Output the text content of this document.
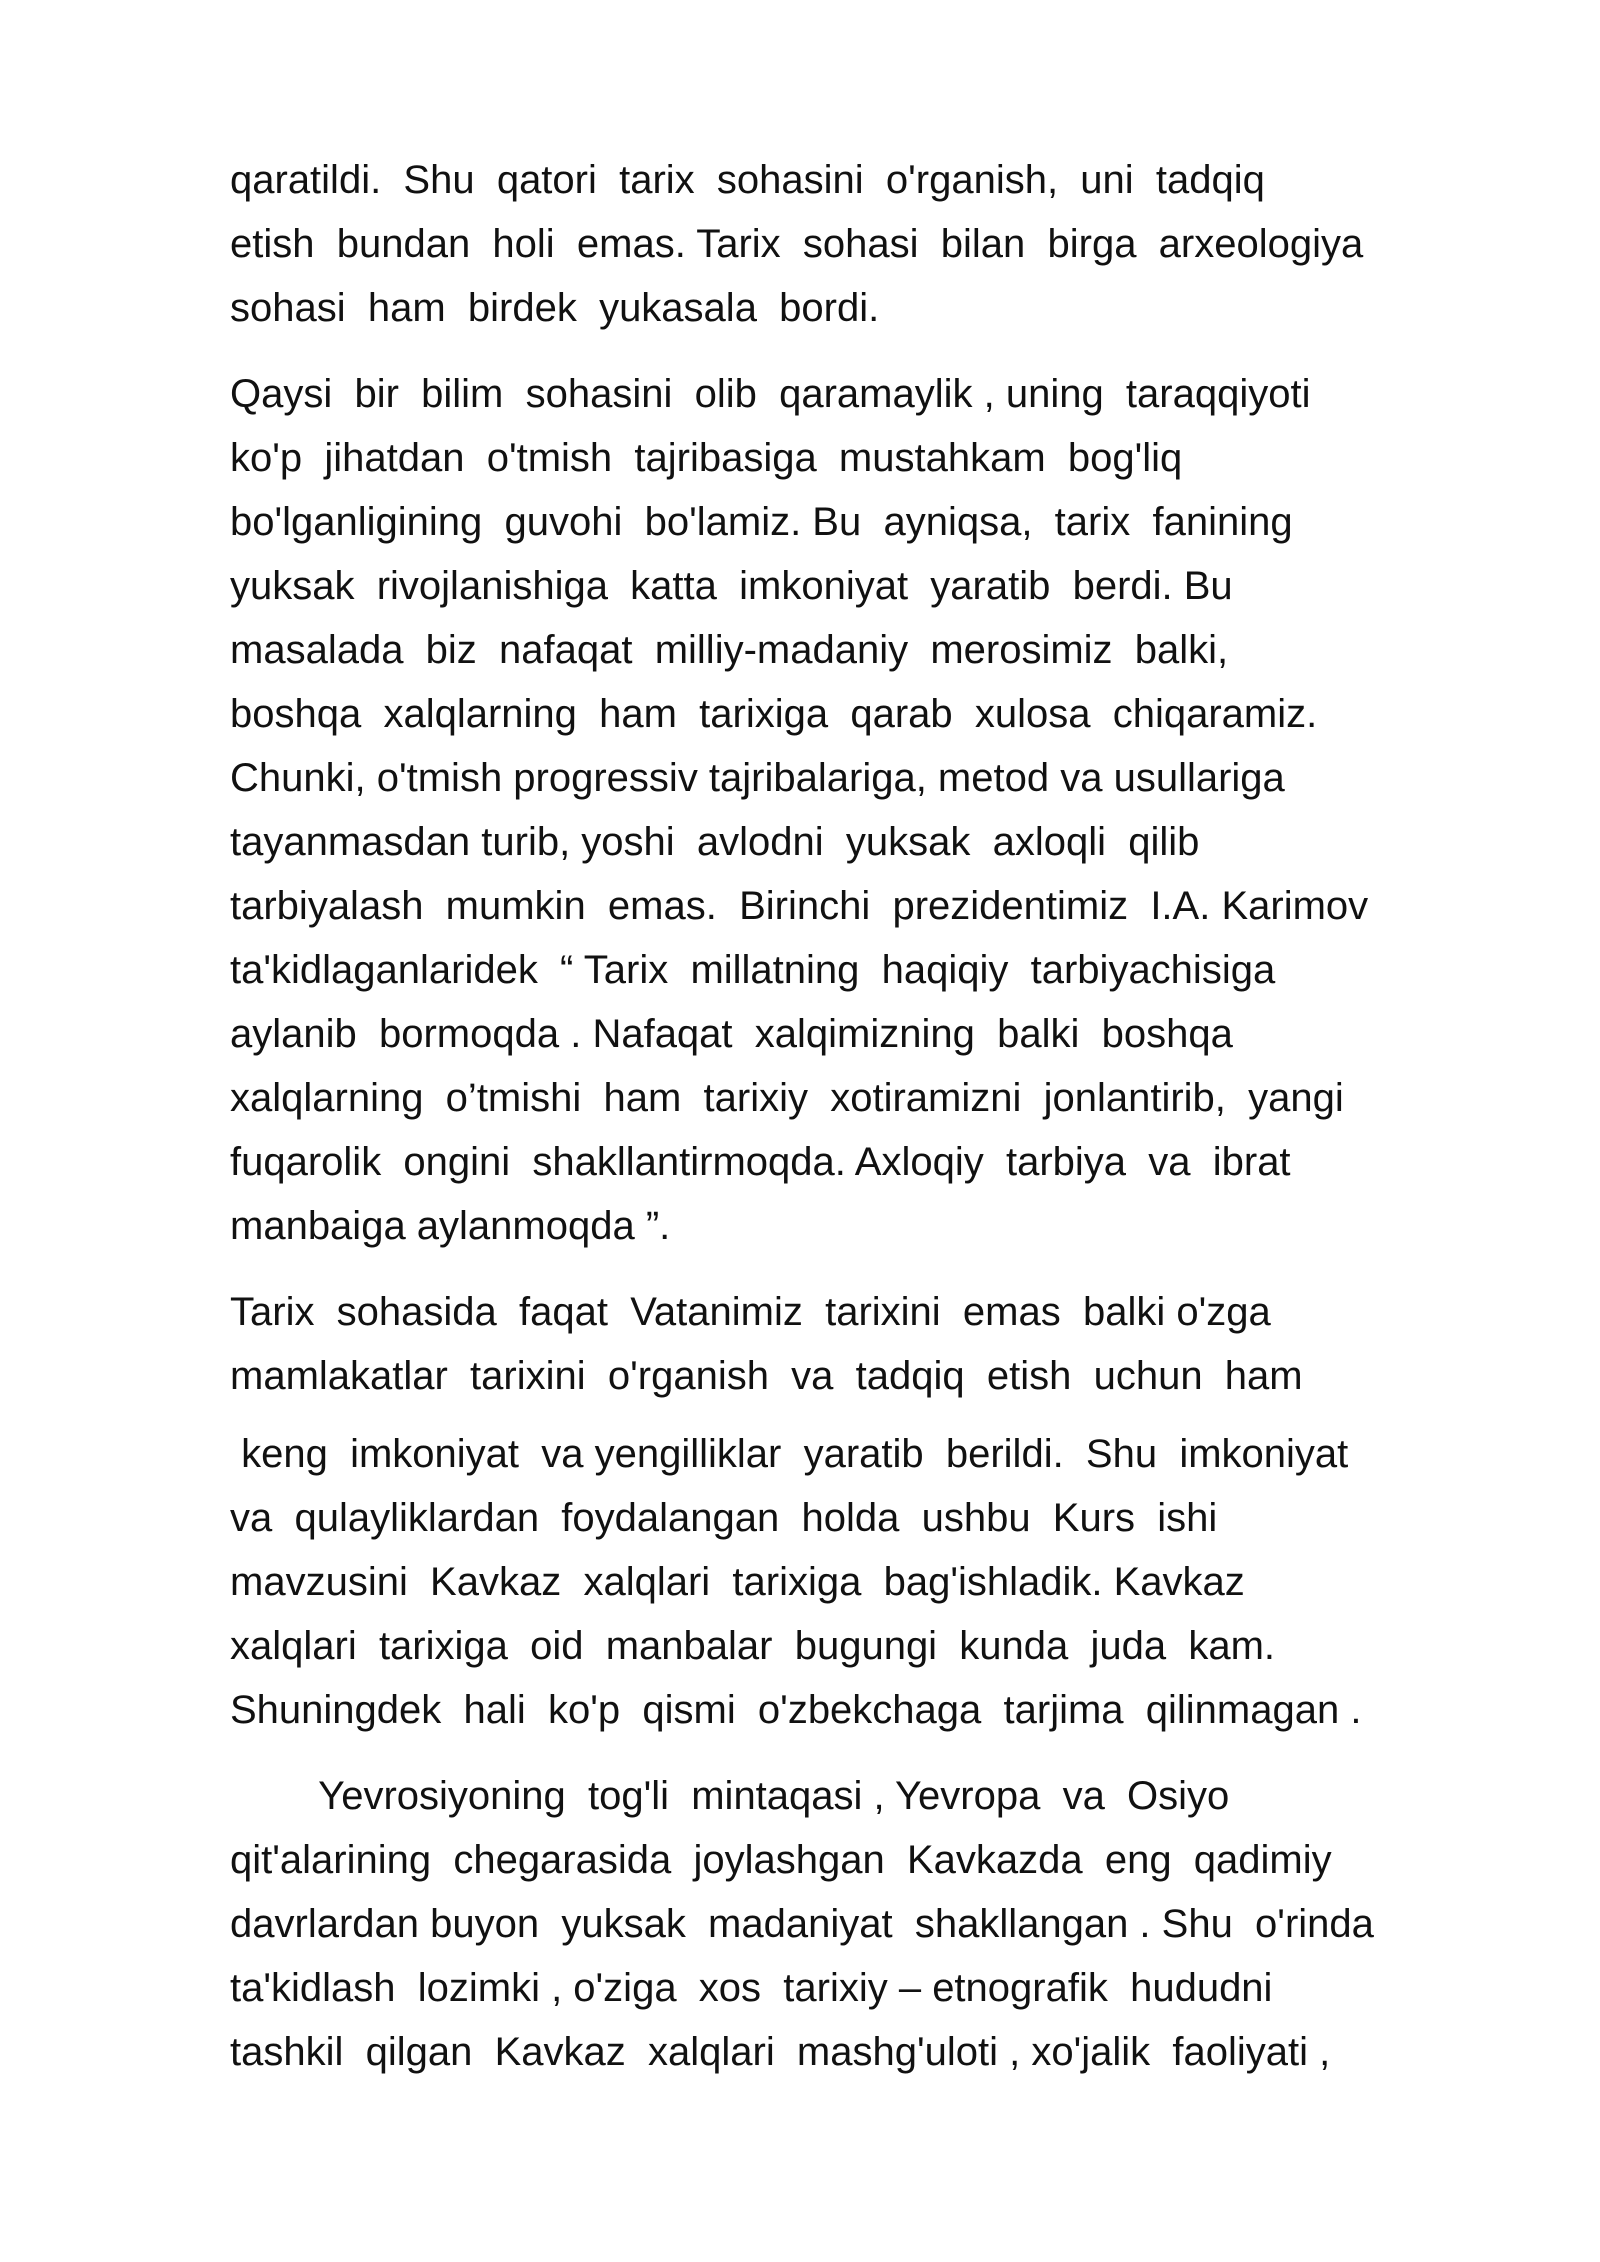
qaratildi.  Shu  qatori  tarix  sohasini  o'rganish,  uni  tadqiq
etish  bundan  holi  emas. Tarix  sohasi  bilan  birga  arxeologiya
sohasi  ham  birdek  yukasala  bordi.

Qaysi  bir  bilim  sohasini  olib  qaramaylik , uning  taraqqiyoti
ko'p  jihatdan  o'tmish  tajribasiga  mustahkam  bog'liq
bo'lganligining  guvohi  bo'lamiz. Bu  ayniqsa,  tarix  fanining
yuksak  rivojlanishiga  katta  imkoniyat  yaratib  berdi. Bu
masalada  biz  nafaqat  milliy-madaniy  merosimiz  balki,
boshqa  xalqlarning  ham  tarixiga  qarab  xulosa  chiqaramiz.
Chunki, o'tmish progressiv tajribalariga, metod va usullariga
tayanmasdan turib, yoshi  avlodni  yuksak  axloqli  qilib
tarbiyalash  mumkin  emas.  Birinchi  prezidentimiz  I.A. Karimov
ta'kidlaganlaridek  “ Tarix  millatning  haqiqiy  tarbiyachisiga
aylanib  bormoqda . Nafaqat  xalqimizning  balki  boshqa
xalqlarning  o’tmishi  ham  tarixiy  xotiramizni  jonlantirib,  yangi
fuqarolik  ongini  shakllantirmoqda. Axloqiy  tarbiya  va  ibrat
manbaiga aylanmoqda ”.

Tarix  sohasida  faqat  Vatanimiz  tarixini  emas  balki o'zga
mamlakatlar  tarixini  o'rganish  va  tadqiq  etish  uchun  ham

keng  imkoniyat  va yengilliklar  yaratib  berildi.  Shu  imkoniyat
va  qulayliklardan  foydalangan  holda  ushbu  Kurs  ishi
mavzusini  Kavkaz  xalqlari  tarixiga  bag'ishladik. Kavkaz
xalqlari  tarixiga  oid  manbalar  bugungi  kunda  juda  kam.
Shuningdek  hali  ko'p  qismi  o'zbekchaga  tarjima  qilinmagan .

Yevrosiyoning  tog'li  mintaqasi , Yevropa  va  Osiyo
qit'alarining  chegarasida  joylashgan  Kavkazda  eng  qadimiy
davrlardan buyon  yuksak  madaniyat  shakllangan . Shu  o'rinda
ta'kidlash  lozimki , o'ziga  xos  tarixiy – etnografik  hududni
tashkil  qilgan  Kavkaz  xalqlari  mashg'uloti , xo'jalik  faoliyati ,
